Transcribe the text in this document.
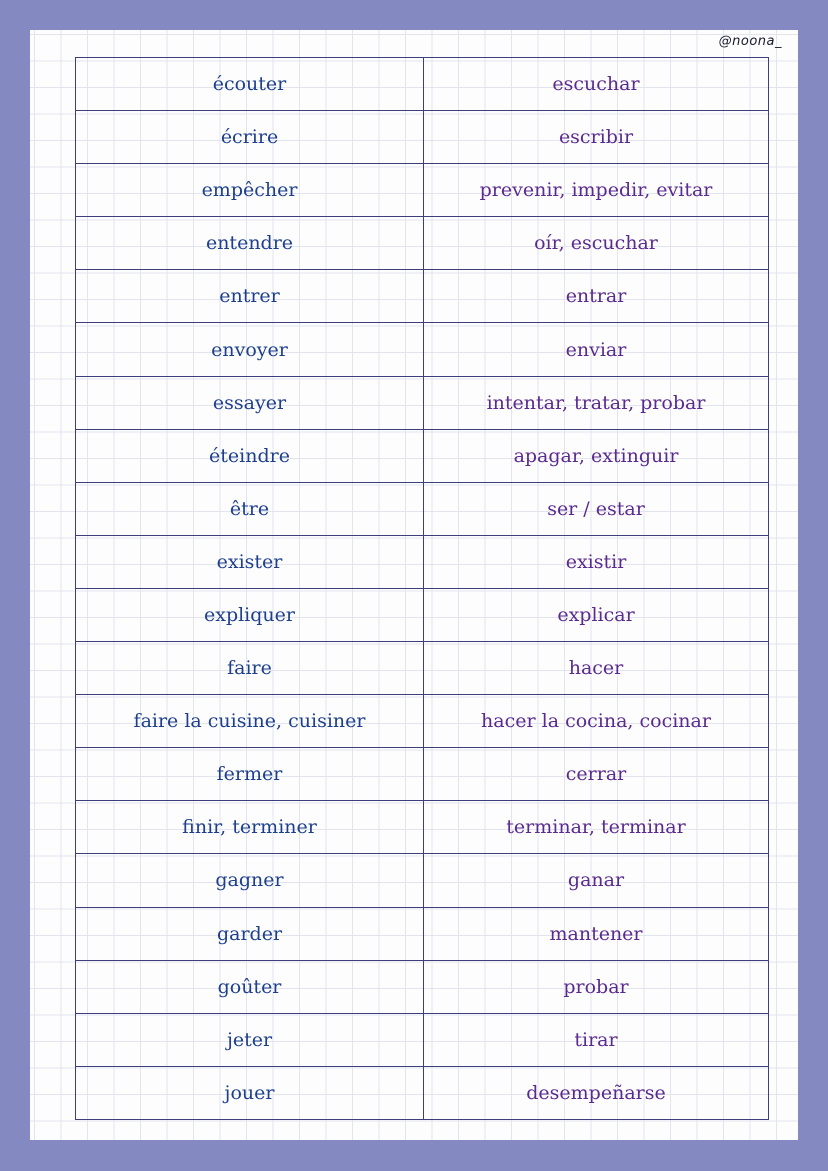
@noona_
écouter	escuchar
écrire	escribir
empêcher	prevenir, impedir, evitar
entendre	oír, escuchar
entrer	entrar
envoyer	enviar
essayer	intentar, tratar, probar
éteindre	apagar, extinguir
être	ser / estar
exister	existir
expliquer	explicar
faire	hacer
faire la cuisine, cuisiner	hacer la cocina, cocinar
fermer	cerrar
finir, terminer	terminar, terminar
gagner	ganar
garder	mantener
goûter	probar
jeter	tirar
jouer	desempeñarse
